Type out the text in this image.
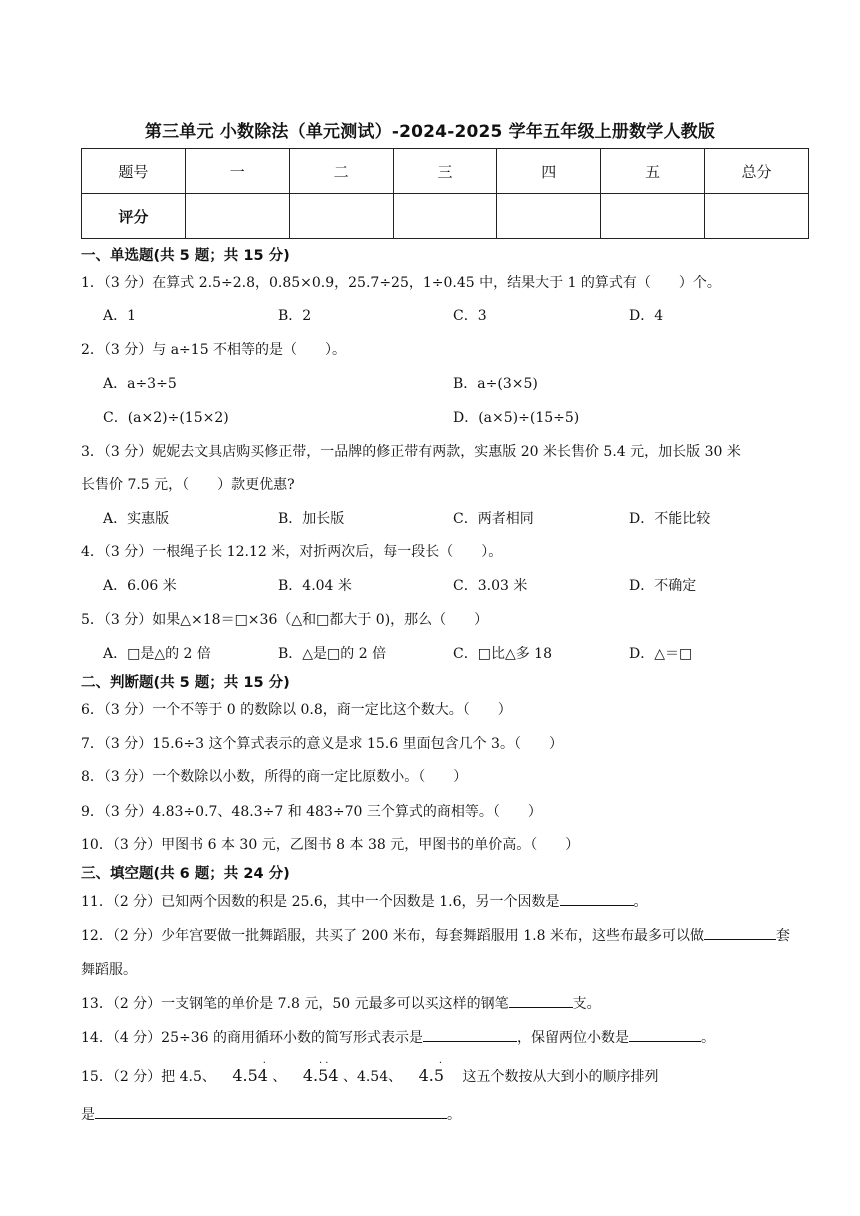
第三单元 小数除法（单元测试）-2024-2025 学年五年级上册数学人教版
题号	一	二	三	四	五	总分
评分						
一、单选题(共 5 题；共 15 分)
1．（3 分）在算式 2.5÷2.8，0.85×0.9，25.7÷25，1÷0.45 中，结果大于 1 的算式有（　　）个。
A．1	B．2	C．3	D．4
2．（3 分）与 a÷15 不相等的是（　　）。
A．a÷3÷5	B．a÷(3×5)
C．(a×2)÷(15×2)	D．(a×5)÷(15÷5)
3．（3 分）妮妮去文具店购买修正带，一品牌的修正带有两款，实惠版 20 米长售价 5.4 元，加长版 30 米
长售价 7.5 元，（　　）款更优惠?
A．实惠版	B．加长版	C．两者相同	D．不能比较
4．（3 分）一根绳子长 12.12 米，对折两次后，每一段长（　　）。
A．6.06 米	B．4.04 米	C．3.03 米	D．不确定
5．（3 分）如果△×18＝□×36（△和□都大于 0)，那么（　　）
A．□是△的 2 倍	B．△是□的 2 倍	C．□比△多 18	D．△＝□
二、判断题(共 5 题；共 15 分)
6．（3 分）一个不等于 0 的数除以 0.8，商一定比这个数大。（　　）
7．（3 分）15.6÷3 这个算式表示的意义是求 15.6 里面包含几个 3。（　　）
8．（3 分）一个数除以小数，所得的商一定比原数小。（　　）
9．（3 分）4.83÷0.7、48.3÷7 和 483÷70 三个算式的商相等。（　　）
10．（3 分）甲图书 6 本 30 元，乙图书 8 本 38 元，甲图书的单价高。（　　）
三、填空题(共 6 题；共 24 分)
11．（2 分）已知两个因数的积是 25.6，其中一个因数是 1.6，另一个因数是	。
12．（2 分）少年宫要做一批舞蹈服，共买了 200 米布，每套舞蹈服用 1.8 米布，这些布最多可以做	套
舞蹈服。
13．（2 分）一支钢笔的单价是 7.8 元，50 元最多可以买这样的钢笔	支。
14．（4 分）25÷36 的商用循环小数的简写形式表示是	，保留两位小数是	。
15．（2 分）把 4.5、
·
4.54 、
· ·
4.54 、4.54、
·
4.5 这五个数按从大到小的顺序排列
是	。
